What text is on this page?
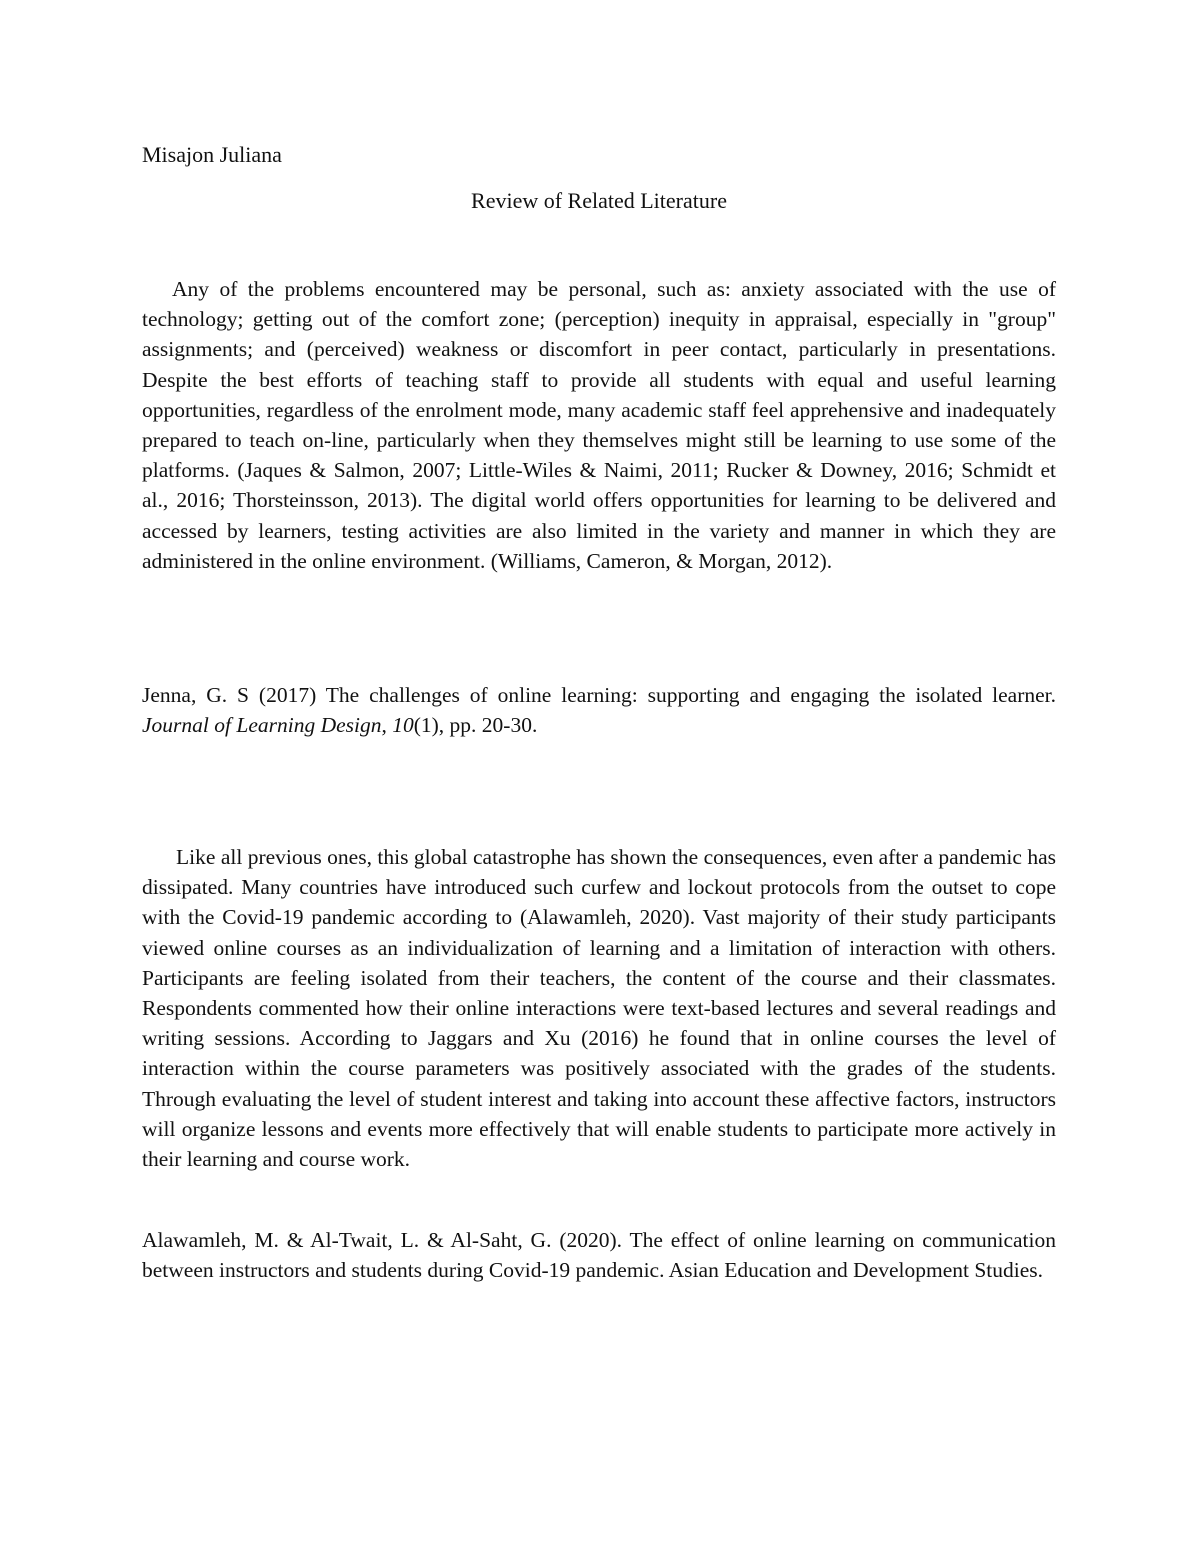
Misajon Juliana

Review of Related Literature

Any of the problems encountered may be personal, such as: anxiety associated with the use of technology; getting out of the comfort zone; (perception) inequity in appraisal, especially in "group" assignments; and (perceived) weakness or discomfort in peer contact, particularly in presentations. Despite the best efforts of teaching staff to provide all students with equal and useful learning opportunities, regardless of the enrolment mode, many academic staff feel apprehensive and inadequately prepared to teach on-line, particularly when they themselves might still be learning to use some of the platforms. (Jaques & Salmon, 2007; Little-Wiles & Naimi, 2011; Rucker & Downey, 2016; Schmidt et al., 2016; Thorsteinsson, 2013). The digital world offers opportunities for learning to be delivered and accessed by learners, testing activities are also limited in the variety and manner in which they are administered in the online environment. (Williams, Cameron, & Morgan, 2012).

Jenna, G. S (2017) The challenges of online learning: supporting and engaging the isolated learner. Journal of Learning Design, 10(1), pp. 20-30.

Like all previous ones, this global catastrophe has shown the consequences, even after a pandemic has dissipated. Many countries have introduced such curfew and lockout protocols from the outset to cope with the Covid-19 pandemic according to (Alawamleh, 2020). Vast majority of their study participants viewed online courses as an individualization of learning and a limitation of interaction with others. Participants are feeling isolated from their teachers, the content of the course and their classmates. Respondents commented how their online interactions were text-based lectures and several readings and writing sessions. According to Jaggars and Xu (2016) he found that in online courses the level of interaction within the course parameters was positively associated with the grades of the students. Through evaluating the level of student interest and taking into account these affective factors, instructors will organize lessons and events more effectively that will enable students to participate more actively in their learning and course work.

Alawamleh, M. & Al-Twait, L. & Al-Saht, G. (2020). The effect of online learning on communication between instructors and students during Covid-19 pandemic. Asian Education and Development Studies.
